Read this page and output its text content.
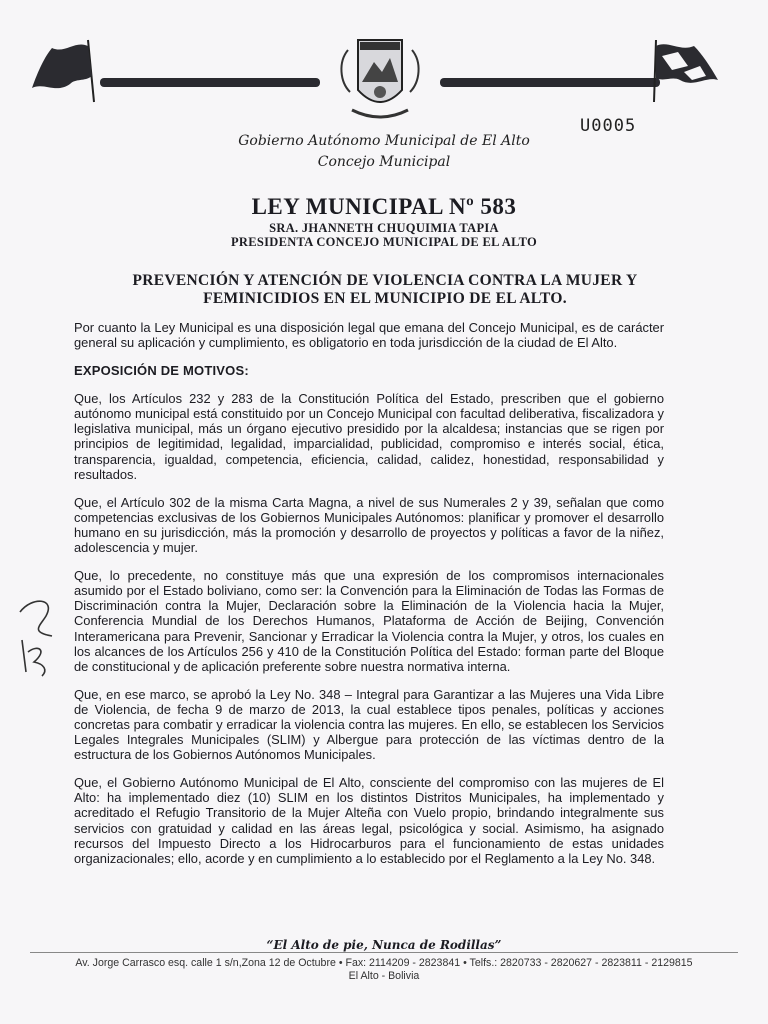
U0005
Gobierno Autónomo Municipal de El Alto
Concejo Municipal
LEY MUNICIPAL Nº 583
SRA. JHANNETH CHUQUIMIA TAPIA
PRESIDENTA CONCEJO MUNICIPAL DE EL ALTO
PREVENCIÓN Y ATENCIÓN DE VIOLENCIA CONTRA LA MUJER Y FEMINICIDIOS EN EL MUNICIPIO DE EL ALTO.

Por cuanto la Ley Municipal es una disposición legal que emana del Concejo Municipal, es de carácter general su aplicación y cumplimiento, es obligatorio en toda jurisdicción de la ciudad de El Alto.

EXPOSICIÓN DE MOTIVOS:

Que, los Artículos 232 y 283 de la Constitución Política del Estado, prescriben que el gobierno autónomo municipal está constituido por un Concejo Municipal con facultad deliberativa, fiscalizadora y legislativa municipal, más un órgano ejecutivo presidido por la alcaldesa; instancias que se rigen por principios de legitimidad, legalidad, imparcialidad, publicidad, compromiso e interés social, ética, transparencia, igualdad, competencia, eficiencia, calidad, calidez, honestidad, responsabilidad y resultados.

Que, el Artículo 302 de la misma Carta Magna, a nivel de sus Numerales 2 y 39, señalan que como competencias exclusivas de los Gobiernos Municipales Autónomos: planificar y promover el desarrollo humano en su jurisdicción, más la promoción y desarrollo de proyectos y políticas a favor de la niñez, adolescencia y mujer.

Que, lo precedente, no constituye más que una expresión de los compromisos internacionales asumido por el Estado boliviano, como ser: la Convención para la Eliminación de Todas las Formas de Discriminación contra la Mujer, Declaración sobre la Eliminación de la Violencia hacia la Mujer, Conferencia Mundial de los Derechos Humanos, Plataforma de Acción de Beijing, Convención Interamericana para Prevenir, Sancionar y Erradicar la Violencia contra la Mujer, y otros, los cuales en los alcances de los Artículos 256 y 410 de la Constitución Política del Estado: forman parte del Bloque de constitucional y de aplicación preferente sobre nuestra normativa interna.

Que, en ese marco, se aprobó la Ley No. 348 – Integral para Garantizar a las Mujeres una Vida Libre de Violencia, de fecha 9 de marzo de 2013, la cual establece tipos penales, políticas y acciones concretas para combatir y erradicar la violencia contra las mujeres. En ello, se establecen los Servicios Legales Integrales Municipales (SLIM) y Albergue para protección de las víctimas dentro de la estructura de los Gobiernos Autónomos Municipales.

Que, el Gobierno Autónomo Municipal de El Alto, consciente del compromiso con las mujeres de El Alto: ha implementado diez (10) SLIM en los distintos Distritos Municipales, ha implementado y acreditado el Refugio Transitorio de la Mujer Alteña con Vuelo propio, brindando integralmente sus servicios con gratuidad y calidad en las áreas legal, psicológica y social. Asimismo, ha asignado recursos del Impuesto Directo a los Hidrocarburos para el funcionamiento de estas unidades organizacionales; ello, acorde y en cumplimiento a lo establecido por el Reglamento a la Ley No. 348.

“El Alto de pie, Nunca de Rodillas”
Av. Jorge Carrasco esq. calle 1 s/n,Zona 12 de Octubre • Fax: 2114209 - 2823841 • Telfs.: 2820733 - 2820627 - 2823811 - 2129815
El Alto - Bolivia
